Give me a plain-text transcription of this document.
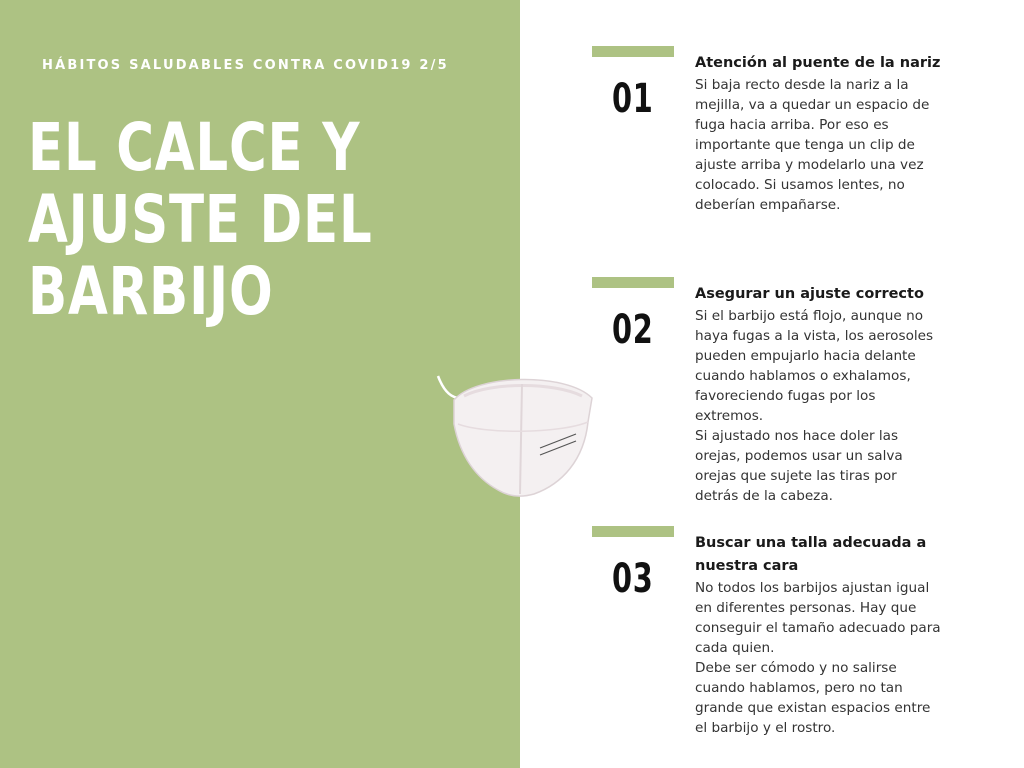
HÁBITOS SALUDABLES CONTRA COVID19 2/5
EL CALCE Y
AJUSTE DEL
BARBIJO
01

Atención al puente de la nariz

Si baja recto desde la nariz a la
mejilla, va a quedar un espacio de
fuga hacia arriba. Por eso es
importante que tenga un clip de
ajuste arriba y modelarlo una vez
colocado. Si usamos lentes, no
deberían empañarse.

02

Asegurar un ajuste correcto

Si el barbijo está flojo, aunque no
haya fugas a la vista, los aerosoles
pueden empujarlo hacia delante
cuando hablamos o exhalamos,
favoreciendo fugas por los
extremos.
Si ajustado nos hace doler las
orejas, podemos usar un salva
orejas que sujete las tiras por
detrás de la cabeza.

03

Buscar una talla adecuada a nuestra cara

No todos los barbijos ajustan igual
en diferentes personas. Hay que
conseguir el tamaño adecuado para
cada quien.
Debe ser cómodo y no salirse
cuando hablamos, pero no tan
grande que existan espacios entre
el barbijo y el rostro.
